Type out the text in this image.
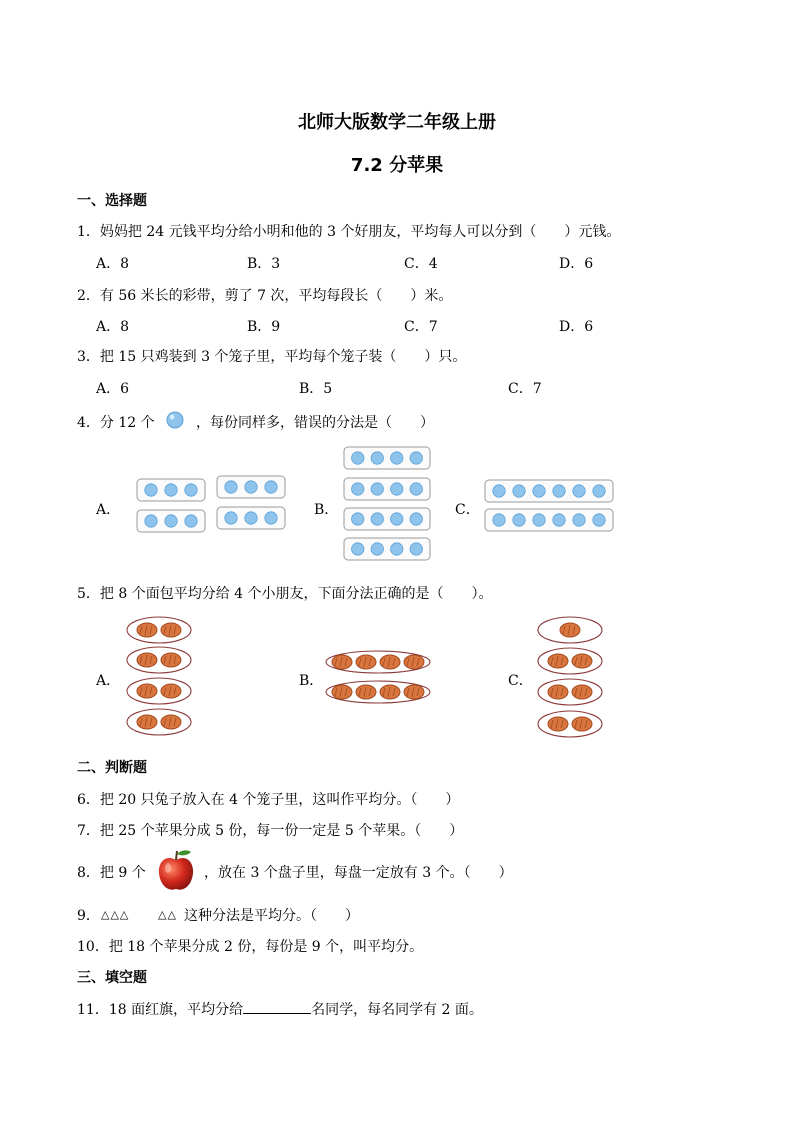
北师大版数学二年级上册
7.2 分苹果
一、选择题
1．妈妈把 24 元钱平均分给小明和他的 3 个好朋友，平均每人可以分到（　　）元钱。
A．8	B．3	C．4	D．6
2．有 56 米长的彩带，剪了 7 次，平均每段长（　　）米。
A．8	B．9	C．7	D．6
3．把 15 只鸡装到 3 个笼子里，平均每个笼子装（　　）只。
A．6	B．5	C．7
4．分 12 个	，每份同样多，错误的分法是（　　）
A．	B．	C．
5．把 8 个面包平均分给 4 个小朋友，下面分法正确的是（　　）。
A．	B．	C．
二、判断题
6．把 20 只兔子放入在 4 个笼子里，这叫作平均分。（　　）
7．把 25 个苹果分成 5 份，每一份一定是 5 个苹果。（　　）
8．把 9 个	，放在 3 个盘子里，每盘一定放有 3 个。（　　）
9． △△△	△△ 这种分法是平均分。（　　）
10．把 18 个苹果分成 2 份，每份是 9 个，叫平均分。
三、填空题
11．18 面红旗，平均分给	名同学，每名同学有 2 面。
